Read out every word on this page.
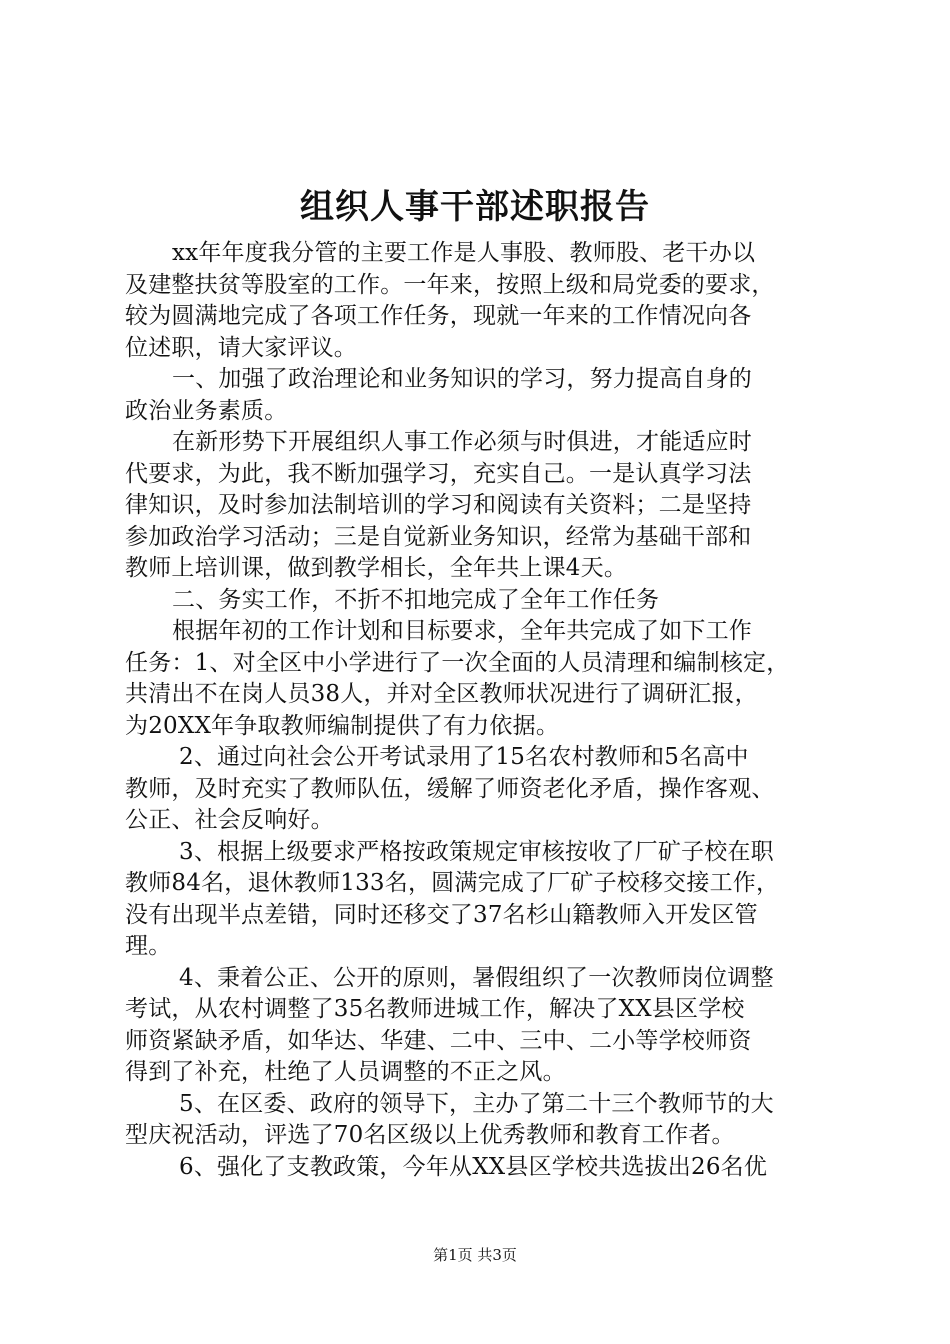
组织人事干部述职报告
xx年年度我分管的主要工作是人事股、教师股、老干办以
及建整扶贫等股室的工作。一年来，按照上级和局党委的要求，
较为圆满地完成了各项工作任务，现就一年来的工作情况向各
位述职，请大家评议。
一、加强了政治理论和业务知识的学习，努力提高自身的
政治业务素质。
在新形势下开展组织人事工作必须与时俱进，才能适应时
代要求，为此，我不断加强学习，充实自己。一是认真学习法
律知识，及时参加法制培训的学习和阅读有关资料；二是坚持
参加政治学习活动；三是自觉新业务知识，经常为基础干部和
教师上培训课，做到教学相长，全年共上课4天。
二、务实工作，不折不扣地完成了全年工作任务
根据年初的工作计划和目标要求，全年共完成了如下工作
任务：1、对全区中小学进行了一次全面的人员清理和编制核定，
共清出不在岗人员38人，并对全区教师状况进行了调研汇报，
为20XX年争取教师编制提供了有力依据。
2、通过向社会公开考试录用了15名农村教师和5名高中
教师，及时充实了教师队伍，缓解了师资老化矛盾，操作客观、
公正、社会反响好。
3、根据上级要求严格按政策规定审核按收了厂矿子校在职
教师84名，退休教师133名，圆满完成了厂矿子校移交接工作，
没有出现半点差错，同时还移交了37名杉山籍教师入开发区管
理。
4、秉着公正、公开的原则，暑假组织了一次教师岗位调整
考试，从农村调整了35名教师进城工作，解决了XX县区学校
师资紧缺矛盾，如华达、华建、二中、三中、二小等学校师资
得到了补充，杜绝了人员调整的不正之风。
5、在区委、政府的领导下，主办了第二十三个教师节的大
型庆祝活动，评选了70名区级以上优秀教师和教育工作者。
6、强化了支教政策，今年从XX县区学校共选拔出26名优
第1页 共3页
